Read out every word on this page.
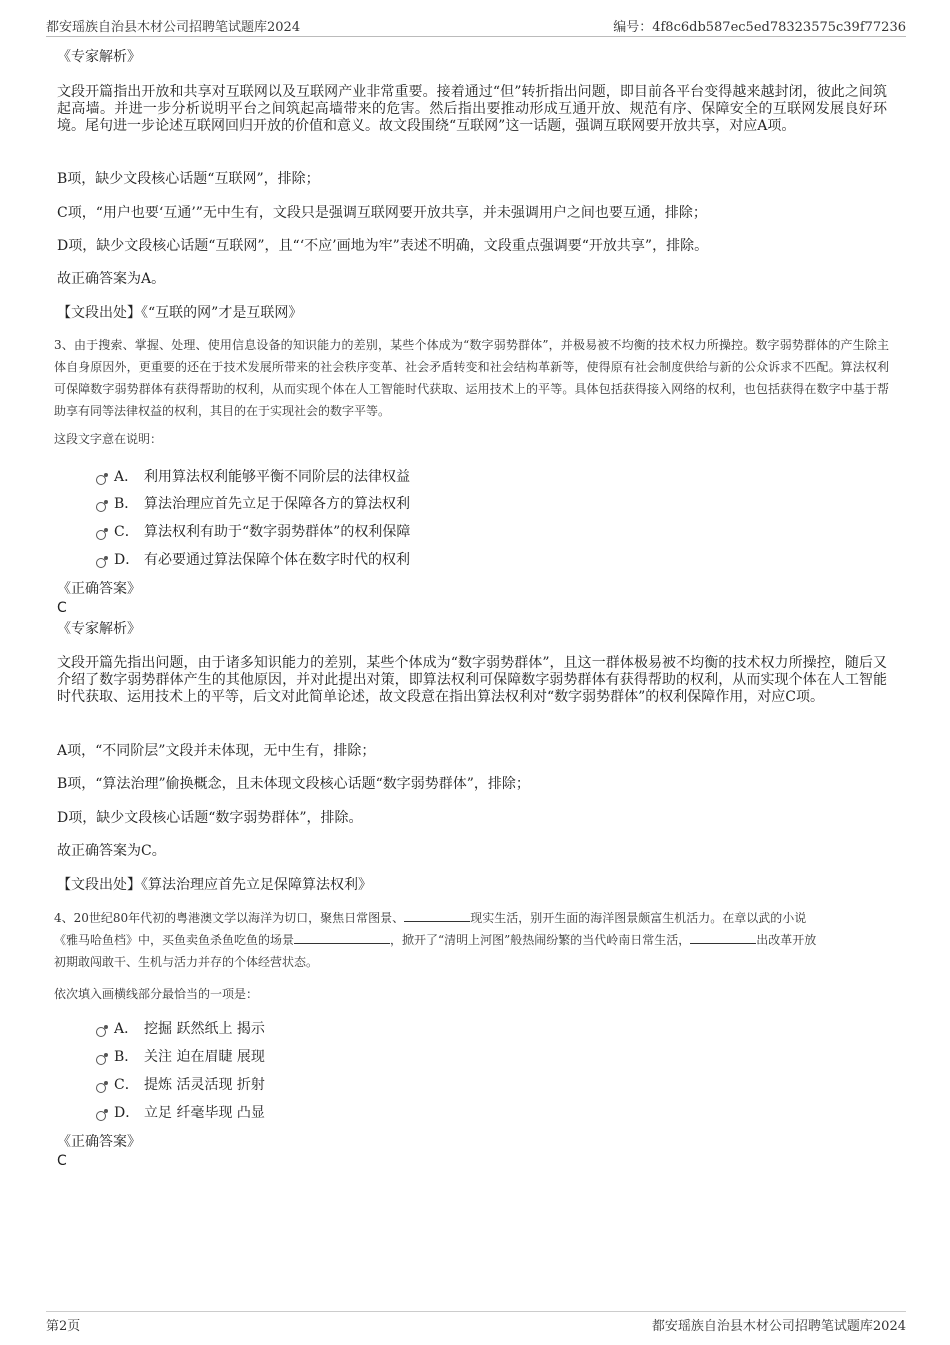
都安瑶族自治县木材公司招聘笔试题库2024	编号：4f8c6db587ec5ed78323575c39f77236
《专家解析》
文段开篇指出开放和共享对互联网以及互联网产业非常重要。接着通过“但”转折指出问题，即目前各平台变得越来越封闭，彼此之间筑起高墙。并进一步分析说明平台之间筑起高墙带来的危害。然后指出要推动形成互通开放、规范有序、保障安全的互联网发展良好环境。尾句进一步论述互联网回归开放的价值和意义。故文段围绕“互联网”这一话题，强调互联网要开放共享，对应A项。
B项，缺少文段核心话题“互联网”，排除；
C项，“用户也要‘互通’”无中生有，文段只是强调互联网要开放共享，并未强调用户之间也要互通，排除；
D项，缺少文段核心话题“互联网”，且“‘不应’画地为牢”表述不明确，文段重点强调要“开放共享”，排除。
故正确答案为A。
【文段出处】《“互联的网”才是互联网》
3、由于搜索、掌握、处理、使用信息设备的知识能力的差别，某些个体成为“数字弱势群体”，并极易被不均衡的技术权力所操控。数字弱势群体的产生除主体自身原因外，更重要的还在于技术发展所带来的社会秩序变革、社会矛盾转变和社会结构革新等，使得原有社会制度供给与新的公众诉求不匹配。算法权利可保障数字弱势群体有获得帮助的权利，从而实现个体在人工智能时代获取、运用技术上的平等。具体包括获得接入网络的权利，也包括获得在数字中基于帮助享有同等法律权益的权利，其目的在于实现社会的数字平等。
这段文字意在说明：
A． 利用算法权利能够平衡不同阶层的法律权益
B． 算法治理应首先立足于保障各方的算法权利
C． 算法权利有助于“数字弱势群体”的权利保障
D． 有必要通过算法保障个体在数字时代的权利
《正确答案》
C
《专家解析》
文段开篇先指出问题，由于诸多知识能力的差别，某些个体成为“数字弱势群体”，且这一群体极易被不均衡的技术权力所操控，随后又介绍了数字弱势群体产生的其他原因，并对此提出对策，即算法权利可保障数字弱势群体有获得帮助的权利，从而实现个体在人工智能时代获取、运用技术上的平等，后文对此简单论述，故文段意在指出算法权利对“数字弱势群体”的权利保障作用，对应C项。
A项，“不同阶层”文段并未体现，无中生有，排除；
B项，“算法治理”偷换概念，且未体现文段核心话题“数字弱势群体”，排除；
D项，缺少文段核心话题“数字弱势群体”，排除。
故正确答案为C。
【文段出处】《算法治理应首先立足保障算法权利》
4、20世纪80年代初的粤港澳文学以海洋为切口，聚焦日常图景、	现实生活，别开生面的海洋图景颇富生机活力。在章以武的小说
《雅马哈鱼档》中，买鱼卖鱼杀鱼吃鱼的场景	，掀开了“清明上河图”般热闹纷繁的当代岭南日常生活，	出改革开放
初期敢闯敢干、生机与活力并存的个体经营状态。
依次填入画横线部分最恰当的一项是：
A． 挖掘 跃然纸上 揭示
B． 关注 迫在眉睫 展现
C． 提炼 活灵活现 折射
D． 立足 纤毫毕现 凸显
《正确答案》
C
第2页	都安瑶族自治县木材公司招聘笔试题库2024
